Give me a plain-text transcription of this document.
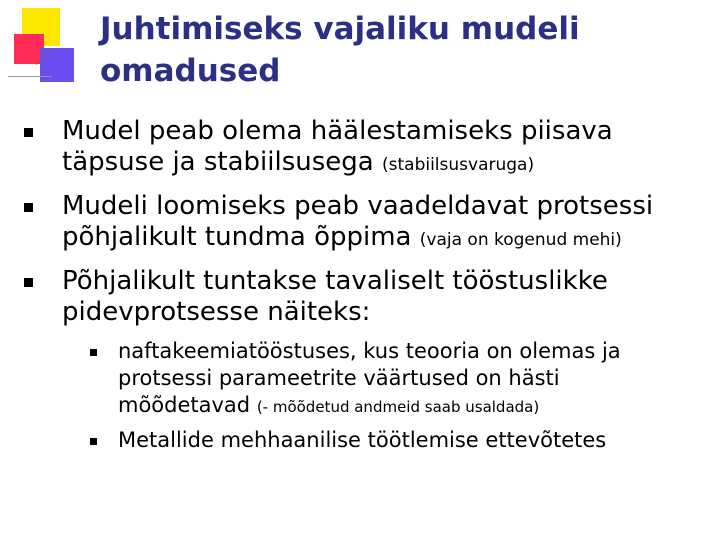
Juhtimiseks vajaliku mudeli
omadused
Mudel peab olema häälestamiseks piisava
täpsuse ja stabiilsusega (stabiilsusvaruga)
Mudeli loomiseks peab vaadeldavat protsessi
põhjalikult tundma õppima (vaja on kogenud mehi)
Põhjalikult tuntakse tavaliselt tööstuslikke
pidevprotsesse näiteks:
naftakeemiatööstuses, kus teooria on olemas ja
protsessi parameetrite väärtused on hästi
mõõdetavad (- mõõdetud andmeid saab usaldada)
Metallide mehhaanilise töötlemise ettevõtetes
